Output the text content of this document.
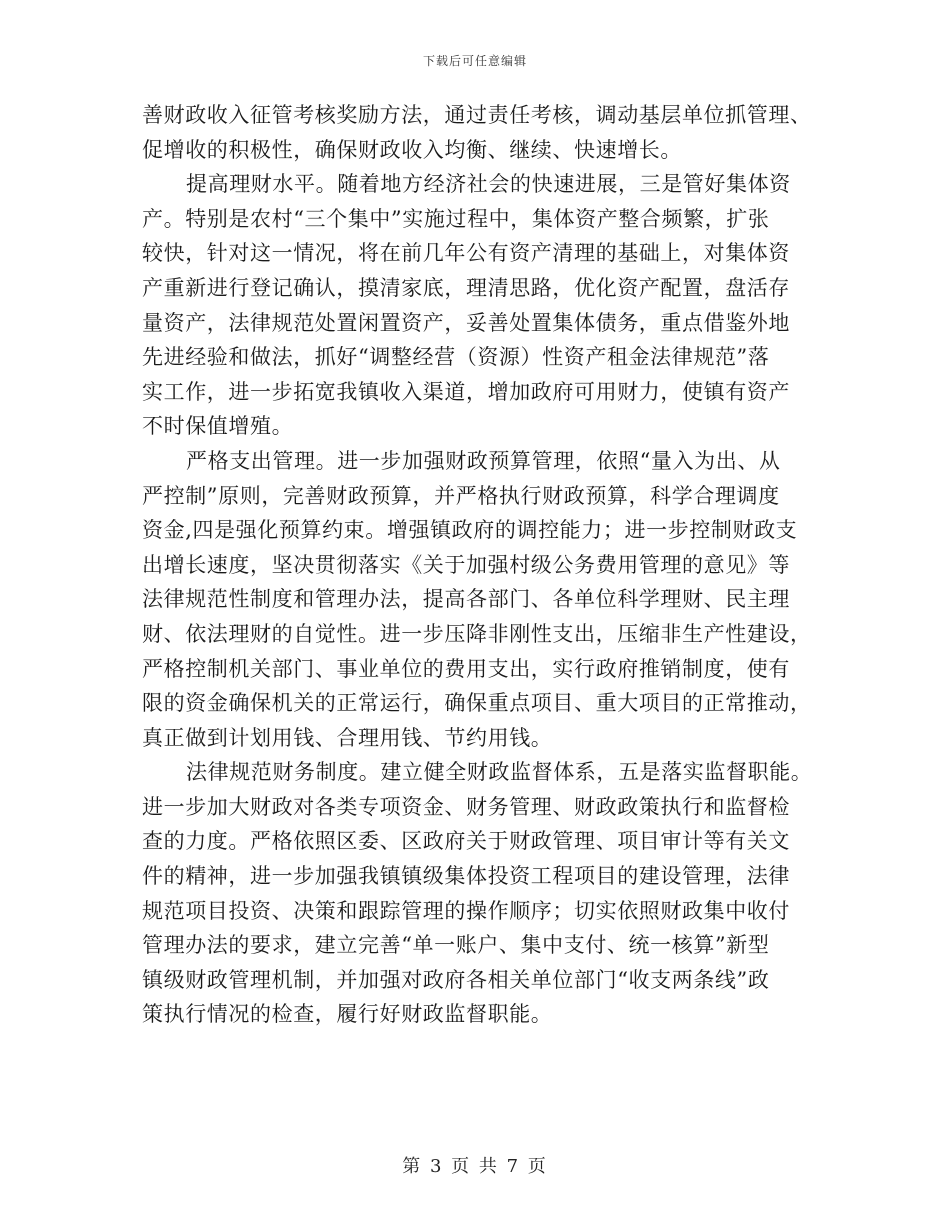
下载后可任意编辑
善财政收入征管考核奖励方法，通过责任考核，调动基层单位抓管理、
促增收的积极性，确保财政收入均衡、继续、快速增长。
提高理财水平。随着地方经济社会的快速进展，三是管好集体资
产。特别是农村“三个集中”实施过程中，集体资产整合频繁，扩张
较快，针对这一情况，将在前几年公有资产清理的基础上，对集体资
产重新进行登记确认，摸清家底，理清思路，优化资产配置，盘活存
量资产，法律规范处置闲置资产，妥善处置集体债务，重点借鉴外地
先进经验和做法，抓好“调整经营（资源）性资产租金法律规范”落
实工作，进一步拓宽我镇收入渠道，增加政府可用财力，使镇有资产
不时保值增殖。
严格支出管理。进一步加强财政预算管理，依照“量入为出、从
严控制”原则，完善财政预算，并严格执行财政预算，科学合理调度
资金,四是强化预算约束。增强镇政府的调控能力；进一步控制财政支
出增长速度，坚决贯彻落实《关于加强村级公务费用管理的意见》等
法律规范性制度和管理办法，提高各部门、各单位科学理财、民主理
财、依法理财的自觉性。进一步压降非刚性支出，压缩非生产性建设，
严格控制机关部门、事业单位的费用支出，实行政府推销制度，使有
限的资金确保机关的正常运行，确保重点项目、重大项目的正常推动，
真正做到计划用钱、合理用钱、节约用钱。
法律规范财务制度。建立健全财政监督体系，五是落实监督职能。
进一步加大财政对各类专项资金、财务管理、财政政策执行和监督检
查的力度。严格依照区委、区政府关于财政管理、项目审计等有关文
件的精神，进一步加强我镇镇级集体投资工程项目的建设管理，法律
规范项目投资、决策和跟踪管理的操作顺序；切实依照财政集中收付
管理办法的要求，建立完善“单一账户、集中支付、统一核算”新型
镇级财政管理机制，并加强对政府各相关单位部门“收支两条线”政
策执行情况的检查，履行好财政监督职能。
第 3 页 共 7 页
